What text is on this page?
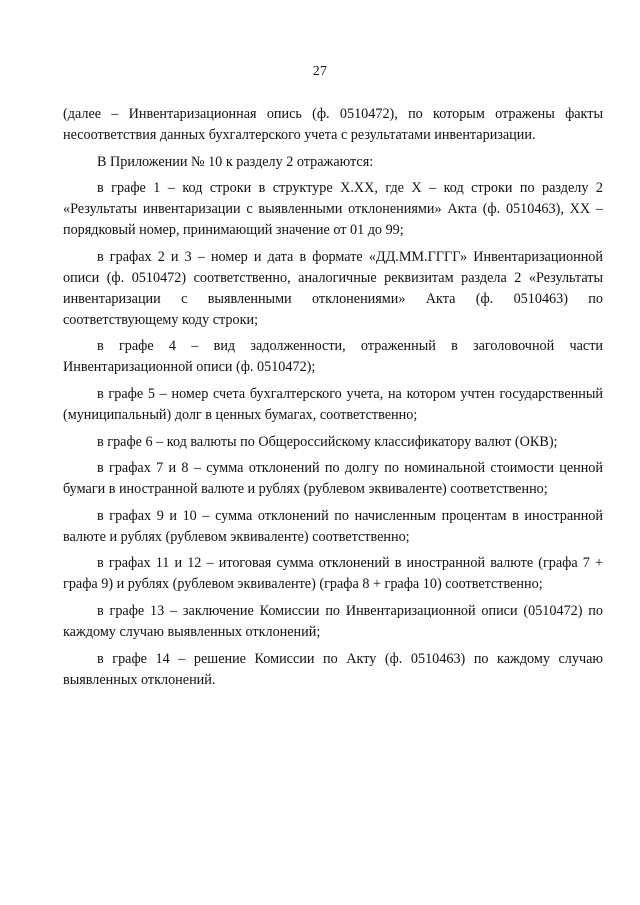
27

(далее – Инвентаризационная опись (ф. 0510472), по которым отражены факты несоответствия данных бухгалтерского учета с результатами инвентаризации.

В Приложении № 10 к разделу 2 отражаются:

в графе 1 – код строки в структуре X.XX, где X – код строки по разделу 2 «Результаты инвентаризации с выявленными отклонениями» Акта (ф. 0510463), XX – порядковый номер, принимающий значение от 01 до 99;

в графах 2 и 3 – номер и дата в формате «ДД.ММ.ГГГГ» Инвентаризационной описи (ф. 0510472) соответственно, аналогичные реквизитам раздела 2 «Результаты инвентаризации с выявленными отклонениями» Акта (ф. 0510463) по соответствующему коду строки;

в графе 4 – вид задолженности, отраженный в заголовочной части Инвентаризационной описи (ф. 0510472);

в графе 5 – номер счета бухгалтерского учета, на котором учтен государственный (муниципальный) долг в ценных бумагах, соответственно;

в графе 6 – код валюты по Общероссийскому классификатору валют (ОКВ);

в графах 7 и 8 – сумма отклонений по долгу по номинальной стоимости ценной бумаги в иностранной валюте и рублях (рублевом эквиваленте) соответственно;

в графах 9 и 10 – сумма отклонений по начисленным процентам в иностранной валюте и рублях (рублевом эквиваленте) соответственно;

в графах 11 и 12 – итоговая сумма отклонений в иностранной валюте (графа 7 + графа 9) и рублях (рублевом эквиваленте) (графа 8 + графа 10) соответственно;

в графе 13 – заключение Комиссии по Инвентаризационной описи (0510472) по каждому случаю выявленных отклонений;

в графе 14 – решение Комиссии по Акту (ф. 0510463) по каждому случаю выявленных отклонений.
